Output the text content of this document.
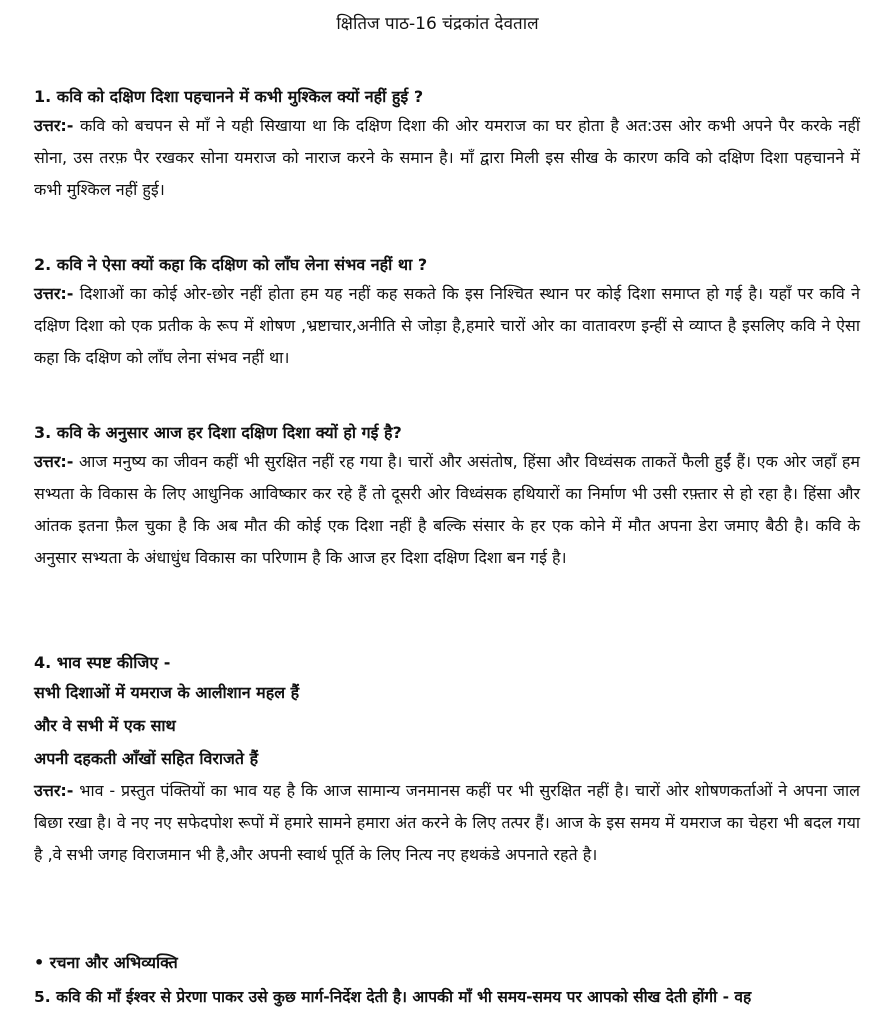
क्षितिज पाठ-16 चंद्रकांत देवताल
1. कवि को दक्षिण दिशा पहचानने में कभी मुश्किल क्यों नहीं हुई ?
उत्तर:- कवि को बचपन से माँ ने यही सिखाया था कि दक्षिण दिशा की ओर यमराज का घर होता है अत:उस ओर कभी अपने पैर करके नहीं सोना, उस तरफ़ पैर रखकर सोना यमराज को नाराज करने के समान है। माँ द्वारा मिली इस सीख के कारण कवि को दक्षिण दिशा पहचानने में कभी मुश्किल नहीं हुई।
2. कवि ने ऐसा क्यों कहा कि दक्षिण को लाँघ लेना संभव नहीं था ?
उत्तर:- दिशाओं का कोई ओर-छोर नहीं होता हम यह नहीं कह सकते कि इस निश्चित स्थान पर कोई दिशा समाप्त हो गई है। यहाँ पर कवि ने दक्षिण दिशा को एक प्रतीक के रूप में शोषण ,भ्रष्टाचार,अनीति से जोड़ा है,हमारे चारों ओर का वातावरण इन्हीं से व्याप्त है इसलिए कवि ने ऐसा कहा कि दक्षिण को लाँघ लेना संभव नहीं था।
3. कवि के अनुसार आज हर दिशा दक्षिण दिशा क्यों हो गई है?
उत्तर:- आज मनुष्य का जीवन कहीं भी सुरक्षित नहीं रह गया है। चारों और असंतोष, हिंसा और विध्वंसक ताकतें फैली हुईं हैं। एक ओर जहाँ हम सभ्यता के विकास के लिए आधुनिक आविष्कार कर रहे हैं तो दूसरी ओर विध्वंसक हथियारों का निर्माण भी उसी रफ़्तार से हो रहा है। हिंसा और आंतक इतना फ़ैल चुका है कि अब मौत की कोई एक दिशा नहीं है बल्कि संसार के हर एक कोने में मौत अपना डेरा जमाए बैठी है। कवि के अनुसार सभ्यता के अंधाधुंध विकास का परिणाम है कि आज हर दिशा दक्षिण दिशा बन गई है।
4. भाव स्पष्ट कीजिए -
सभी दिशाओं में यमराज के आलीशान महल हैं
और वे सभी में एक साथ
अपनी दहकती आँखों सहित विराजते हैं
उत्तर:- भाव - प्रस्तुत पंक्तियों का भाव यह है कि आज सामान्य जनमानस कहीं पर भी सुरक्षित नहीं है। चारों ओर शोषणकर्ताओं ने अपना जाल बिछा रखा है। वे नए नए सफेदपोश रूपों में हमारे सामने हमारा अंत करने के लिए तत्पर हैं। आज के इस समय में यमराज का चेहरा भी बदल गया है ,वे सभी जगह विराजमान भी है,और अपनी स्वार्थ पूर्ति के लिए नित्य नए हथकंडे अपनाते रहते है।
• रचना और अभिव्यक्ति
5. कवि की माँ ईश्वर से प्रेरणा पाकर उसे कुछ मार्ग-निर्देश देती है। आपकी माँ भी समय-समय पर आपको सीख देती होंगी - वह
